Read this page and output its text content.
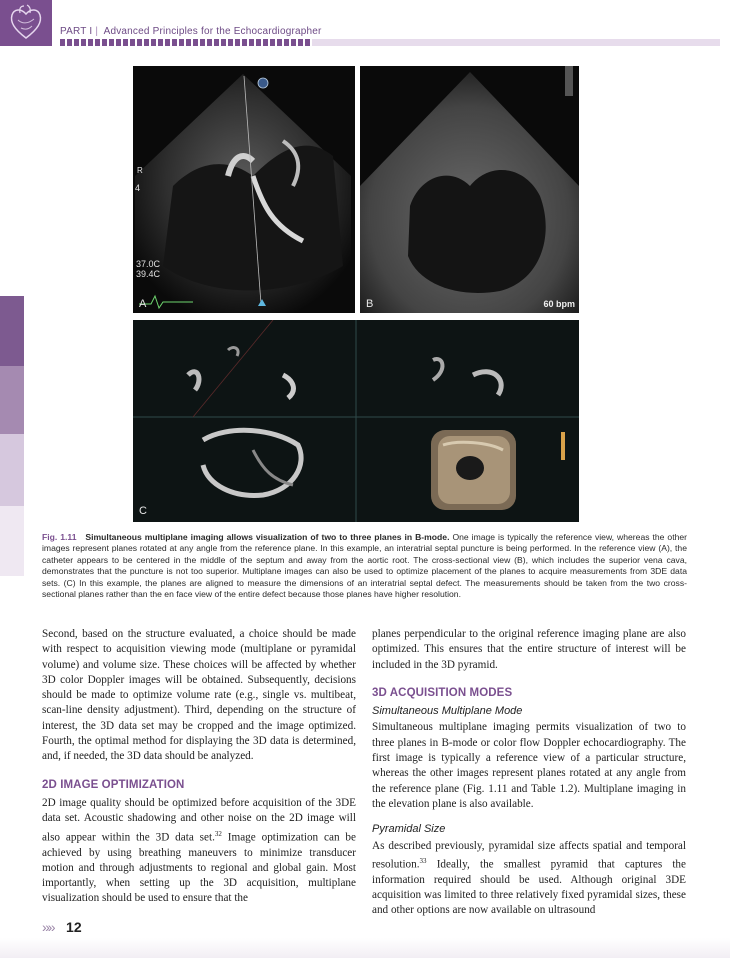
PART I | Advanced Principles for the Echocardiographer
R
4
37.0C
39.4C
A	B	60 bpm
C
Fig. 1.11 Simultaneous multiplane imaging allows visualization of two to three planes in B-mode. One image is typically the reference view, whereas the other images represent planes rotated at any angle from the reference plane. In this example, an interatrial septal puncture is being performed. In the reference view (A), the catheter appears to be centered in the middle of the septum and away from the aortic root. The cross-sectional view (B), which includes the superior vena cava, demonstrates that the puncture is not too superior. Multiplane images can also be used to optimize placement of the planes to acquire measurements from 3DE data sets. (C) In this example, the planes are aligned to measure the dimensions of an interatrial septal defect. The measurements should be taken from the two cross-sectional planes rather than the en face view of the entire defect because those planes have higher resolution.

Second, based on the structure evaluated, a choice should be made with respect to acquisition viewing mode (multiplane or pyramidal volume) and volume size. These choices will be affected by whether 3D color Doppler images will be obtained. Subsequently, decisions should be made to optimize volume rate (e.g., single vs. multibeat, scan-line density adjustment). Third, depending on the structure of interest, the 3D data set may be cropped and the image optimized. Fourth, the optimal method for displaying the 3D data is determined, and, if needed, the 3D data should be analyzed.

2D IMAGE OPTIMIZATION

2D image quality should be optimized before acquisition of the 3DE data set. Acoustic shadowing and other noise on the 2D image will also appear within the 3D data set.$^{32}$ Image optimization can be achieved by using breathing maneuvers to minimize transducer motion and through adjustments to regional and global gain. Most importantly, when setting up the 3D acquisition, multiplane visualization should be used to ensure that the

planes perpendicular to the original reference imaging plane are also optimized. This ensures that the entire structure of interest will be included in the 3D pyramid.

3D ACQUISITION MODES
Simultaneous Multiplane Mode

Simultaneous multiplane imaging permits visualization of two to three planes in B-mode or color flow Doppler echocardiography. The first image is typically a reference view of a particular structure, whereas the other images represent planes rotated at any angle from the reference plane (Fig. 1.11 and Table 1.2). Multiplane imaging in the elevation plane is also available.

Pyramidal Size

As described previously, pyramidal size affects spatial and temporal resolution.$^{33}$ Ideally, the smallest pyramid that captures the information required should be used. Although original 3DE acquisition was limited to three relatively fixed pyramidal sizes, these and other options are now available on ultrasound

»» 12
